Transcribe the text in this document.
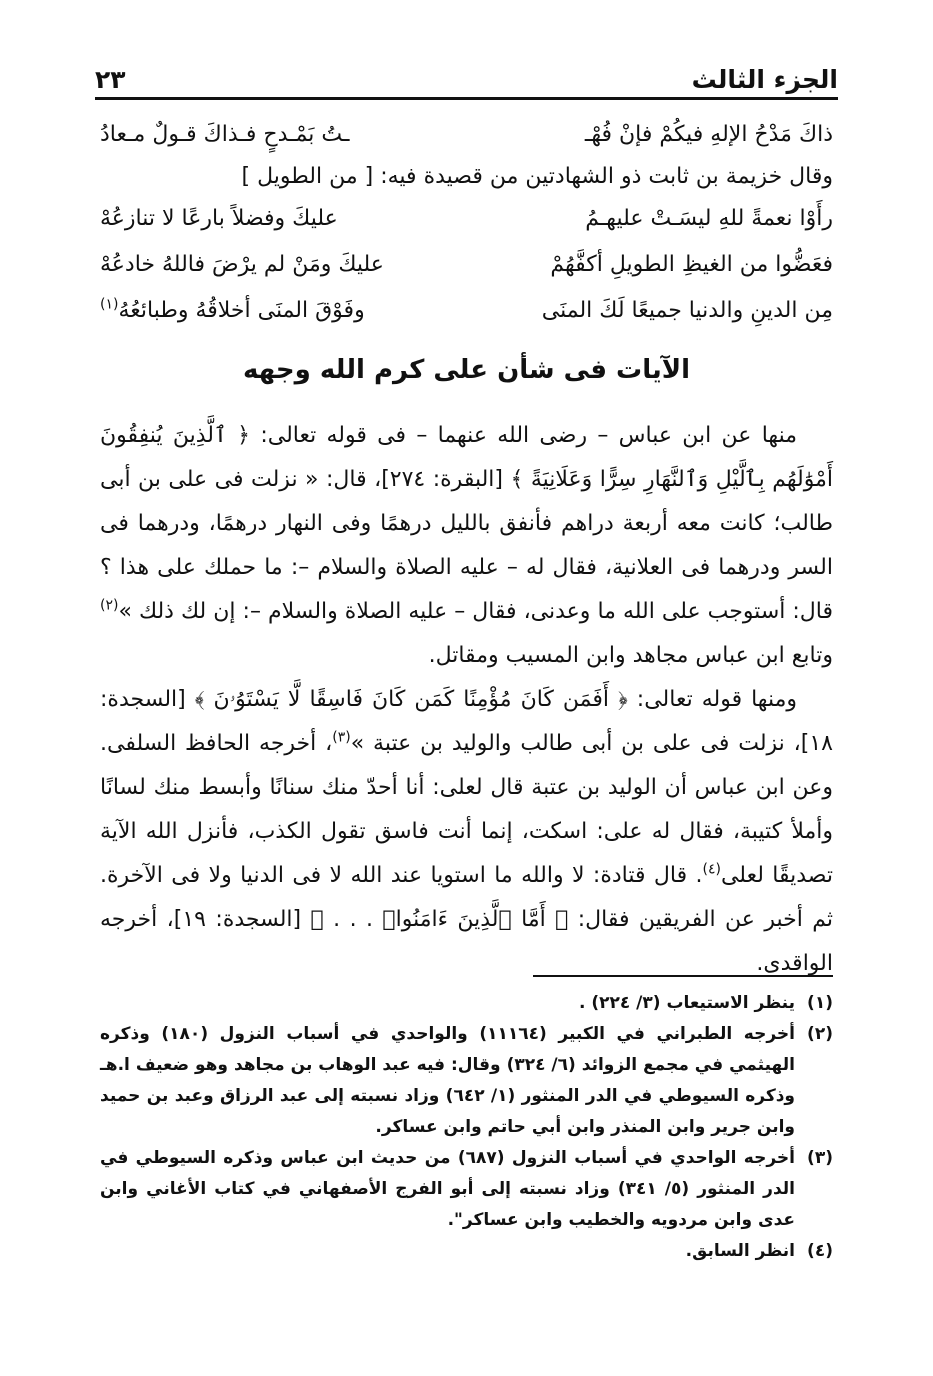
الجزء الثالث
٢٣
ذاكَ مَدْحُ الإلهِ فيكُمْ فإنْ فُهْـ
ـتُ بَمْـدحٍ فـذاكَ قـولٌ مـعادُ
وقال خزيمة بن ثابت ذو الشهادتين من قصيدة فيه: [ من الطويل ]
رأَوْا نعمةً للهِ ليسَـتْ عليهـمُ
عليكَ وفضلاً بارعًا لا تنازعُهْ
فعَضُّوا من الغيظِ الطويلِ أكفَّهُمْ
عليكَ ومَنْ لم يرْضَ فاللهُ خادعُهْ
مِن الدينِ والدنيا جميعًا لَكَ المنَى
وفَوْقَ المنَى أخلاقُهُ وطبائعُهُ$^{(١)}$
الآيات فى شأن على كرم الله وجهه
منها عن ابن عباس – رضى الله عنهما – فى قوله تعالى: ﴿ ٱلَّذِينَ يُنفِقُونَ أَمْوَٰلَهُم بِٱلَّيْلِ وَٱلنَّهَارِ سِرًّا وَعَلَانِيَةً ﴾ [البقرة: ٢٧٤]، قال: « نزلت فى على بن أبى طالب؛ كانت معه أربعة دراهم فأنفق بالليل درهمًا وفى النهار درهمًا، ودرهما فى السر ودرهما فى العلانية، فقال له – عليه الصلاة والسلام –: ما حملك على هذا ؟ قال: أستوجب على الله ما وعدنى، فقال – عليه الصلاة والسلام –: إن لك ذلك »$^{(٢)}$ وتابع ابن عباس مجاهد وابن المسيب ومقاتل.
ومنها قوله تعالى: ﴿ أَفَمَن كَانَ مُؤْمِنًا كَمَن كَانَ فَاسِقًا لَّا يَسْتَوُۥنَ ﴾ [السجدة: ١٨]، نزلت فى على بن أبى طالب والوليد بن عتبة »$^{(٣)}$، أخرجه الحافظ السلفى. وعن ابن عباس أن الوليد بن عتبة قال لعلى: أنا أحدّ منك سنانًا وأبسط منك لسانًا وأملأ كتيبة، فقال له على: اسكت، إنما أنت فاسق تقول الكذب، فأنزل الله الآية تصديقًا لعلى$^{(٤)}$. قال قتادة: لا والله ما استويا عند الله لا فى الدنيا ولا فى الآخرة. ثم أخبر عن الفريقين فقال: ﴿ أَمَّا ٱلَّذِينَ ءَامَنُوا۟ . . . ﴾ [السجدة: ١٩]، أخرجه الواقدى.
(١)
ينظر الاستيعاب (٣/ ٢٢٤) .
(٢)
أخرجه الطبراني في الكبير (١١١٦٤) والواحدي في أسباب النزول (١٨٠) وذكره الهيثمي في مجمع الزوائد (٦/ ٣٢٤) وقال: فيه عبد الوهاب بن مجاهد وهو ضعيف ا.هـ وذكره السيوطي في الدر المنثور (١/ ٦٤٢) وزاد نسبته إلى عبد الرزاق وعبد بن حميد وابن جرير وابن المنذر وابن أبي حاتم وابن عساكر.
(٣)
أخرجه الواحدي في أسباب النزول (٦٨٧) من حديث ابن عباس وذكره السيوطي في الدر المنثور (٥/ ٣٤١) وزاد نسبته إلى أبو الفرج الأصفهاني في كتاب الأغاني وابن عدى وابن مردويه والخطيب وابن عساكر".
(٤)
انظر السابق.
